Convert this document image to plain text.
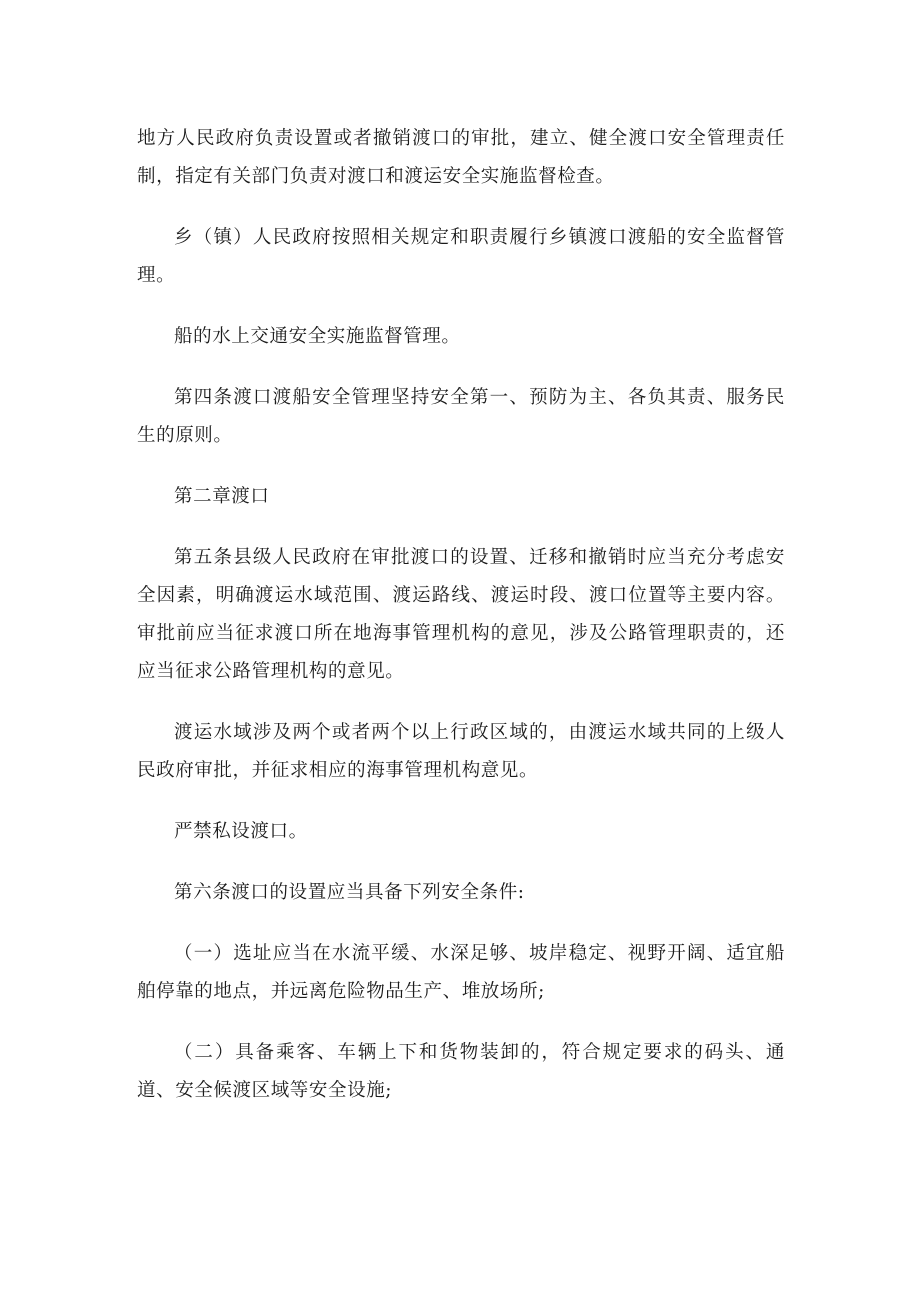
地方人民政府负责设置或者撤销渡口的审批，建立、健全渡口安全管理责任制，指定有关部门负责对渡口和渡运安全实施监督检查。

乡（镇）人民政府按照相关规定和职责履行乡镇渡口渡船的安全监督管理。

船的水上交通安全实施监督管理。

第四条渡口渡船安全管理坚持安全第一、预防为主、各负其责、服务民生的原则。

第二章渡口

第五条县级人民政府在审批渡口的设置、迁移和撤销时应当充分考虑安全因素，明确渡运水域范围、渡运路线、渡运时段、渡口位置等主要内容。审批前应当征求渡口所在地海事管理机构的意见，涉及公路管理职责的，还应当征求公路管理机构的意见。

渡运水域涉及两个或者两个以上行政区域的，由渡运水域共同的上级人民政府审批，并征求相应的海事管理机构意见。

严禁私设渡口。

第六条渡口的设置应当具备下列安全条件:

（一）选址应当在水流平缓、水深足够、坡岸稳定、视野开阔、适宜船舶停靠的地点，并远离危险物品生产、堆放场所;

（二）具备乘客、车辆上下和货物装卸的，符合规定要求的码头、通道、安全候渡区域等安全设施;
